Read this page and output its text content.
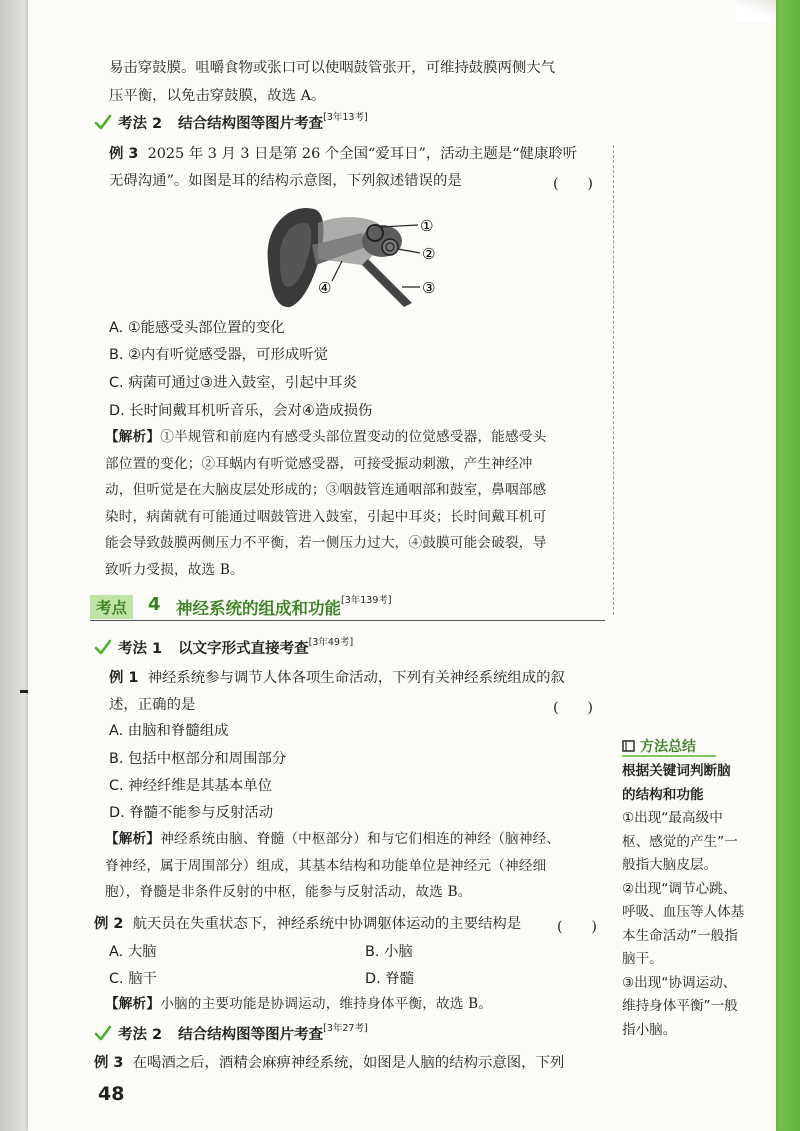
易击穿鼓膜。咀嚼食物或张口可以使咽鼓管张开，可维持鼓膜两侧大气
压平衡，以免击穿鼓膜，故选 A。
考法 2 结合结构图等图片考查[3年13考]
例 3 2025 年 3 月 3 日是第 26 个全国“爱耳日”，活动主题是“健康聆听
无碍沟通”。如图是耳的结构示意图，下列叙述错误的是	(　　)
①
②
③
④
A. ①能感受头部位置的变化
B. ②内有听觉感受器，可形成听觉
C. 病菌可通过③进入鼓室，引起中耳炎
D. 长时间戴耳机听音乐，会对④造成损伤
【解析】①半规管和前庭内有感受头部位置变动的位觉感受器，能感受头
部位置的变化；②耳蜗内有听觉感受器，可接受振动刺激，产生神经冲
动，但听觉是在大脑皮层处形成的；③咽鼓管连通咽部和鼓室，鼻咽部感
染时，病菌就有可能通过咽鼓管进入鼓室，引起中耳炎；长时间戴耳机可
能会导致鼓膜两侧压力不平衡，若一侧压力过大，④鼓膜可能会破裂，导
致听力受损，故选 B。
考点	4 神经系统的组成和功能[3年139考]
考法 1 以文字形式直接考查[3年49考]
例 1 神经系统参与调节人体各项生命活动，下列有关神经系统组成的叙
述，正确的是	(　　)
A. 由脑和脊髓组成
B. 包括中枢部分和周围部分
C. 神经纤维是其基本单位
D. 脊髓不能参与反射活动
【解析】神经系统由脑、脊髓（中枢部分）和与它们相连的神经（脑神经、
脊神经，属于周围部分）组成，其基本结构和功能单位是神经元（神经细
胞），脊髓是非条件反射的中枢，能参与反射活动，故选 B。
例 2 航天员在失重状态下，神经系统中协调躯体运动的主要结构是 (　　)
A. 大脑	B. 小脑
C. 脑干	D. 脊髓
【解析】小脑的主要功能是协调运动，维持身体平衡，故选 B。
考法 2 结合结构图等图片考查[3年27考]
例 3 在喝酒之后，酒精会麻痹神经系统，如图是人脑的结构示意图，下列
方法总结
根据关键词判断脑
的结构和功能
①出现“最高级中
枢、感觉的产生”一
般指大脑皮层。
②出现“调节心跳、
呼吸、血压等人体基
本生命活动”一般指
脑干。
③出现“协调运动、
维持身体平衡”一般
指小脑。
48
